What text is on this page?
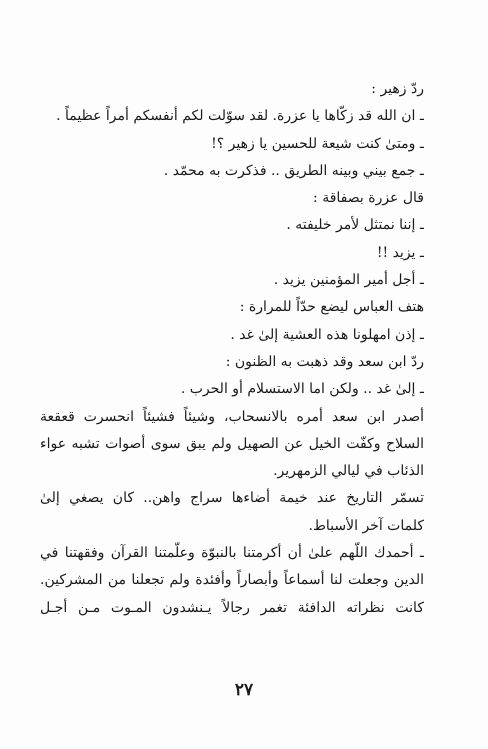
ردّ زهير :
ـ ان الله قد زكّاها يا عزرة. لقد سوّلت لكم أنفسكم أمراً عظيماً .
ـ ومتىٰ كنت شيعة للحسين يا زهير ؟!
ـ جمع بيني وبينه الطريق .. فذكرت به محمّد .
قال عزرة بصفاقة :
ـ إننا نمتثل لأمر خليفته .
ـ يزيد !!
ـ أجل أمير المؤمنين يزيد .
هتف العباس ليضع حدّاً للمرارة :
ـ إذن امهلونا هذه العشية إلىٰ غد .
ردّ ابن سعد وقد ذهبت به الظنون :
ـ إلىٰ غد .. ولكن اما الاستسلام أو الحرب .
أصدر ابن سعد أمره بالانسحاب، وشيئاً فشيئاً انحسرت قعقعة
السلاح وكفّت الخيل عن الصهيل ولم يبق سوى أصوات تشبه عواء
الذئاب في ليالي الزمهرير.
تسمّر التاريخ عند خيمة أضاءها سراج واهن.. كان يصغي إلىٰ
كلمات آخر الأسباط.
ـ أحمدك اللّهم علىٰ أن أكرمتنا بالنبوّة وعلّمتنا القرآن وفقهتنا في
الدين وجعلت لنا أسماعاً وأبصاراً وأفئدة ولم تجعلنا من المشركين.
كانت نظراته الدافئة تغمر رجالاً يـنشدون المـوت مـن أجـل
٢٧
